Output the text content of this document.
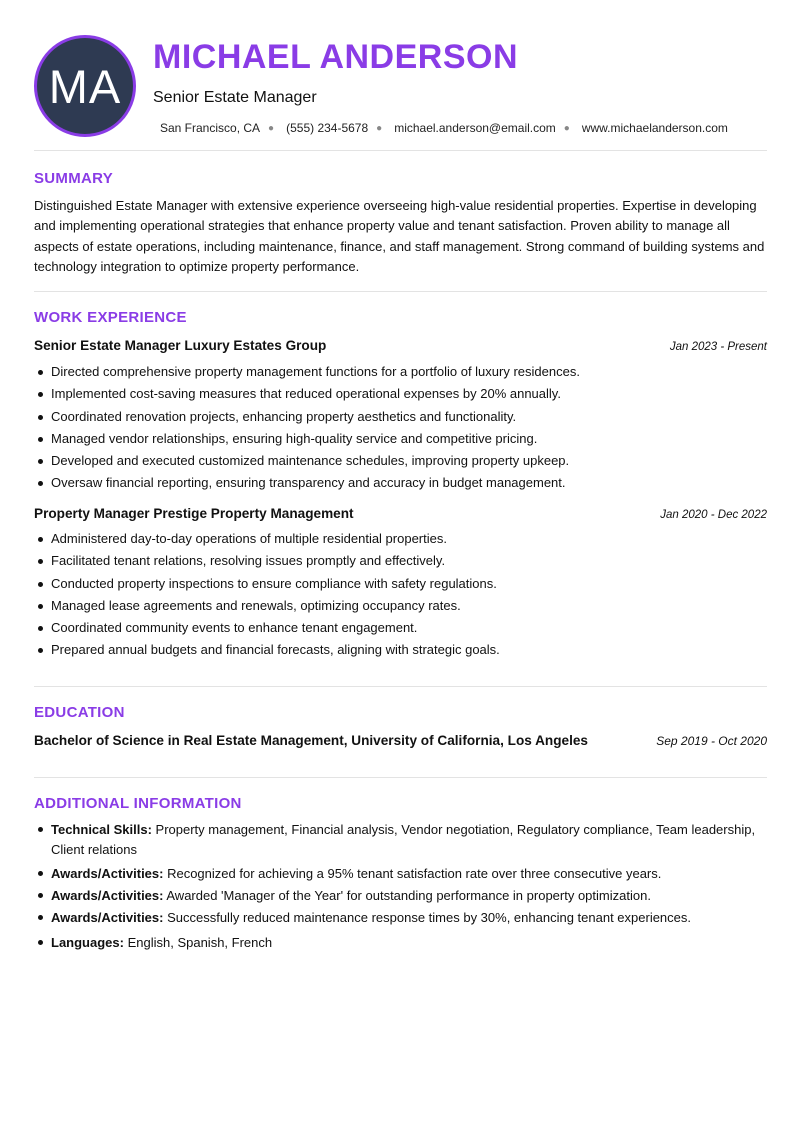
MA
MICHAEL ANDERSON
Senior Estate Manager
San Francisco, CA ● (555) 234-5678 ● michael.anderson@email.com ● www.michaelanderson.com
SUMMARY
Distinguished Estate Manager with extensive experience overseeing high-value residential properties. Expertise in developing and implementing operational strategies that enhance property value and tenant satisfaction. Proven ability to manage all aspects of estate operations, including maintenance, finance, and staff management. Strong command of building systems and technology integration to optimize property performance.
WORK EXPERIENCE
Senior Estate Manager Luxury Estates Group	Jan 2023 - Present
Directed comprehensive property management functions for a portfolio of luxury residences.
Implemented cost-saving measures that reduced operational expenses by 20% annually.
Coordinated renovation projects, enhancing property aesthetics and functionality.
Managed vendor relationships, ensuring high-quality service and competitive pricing.
Developed and executed customized maintenance schedules, improving property upkeep.
Oversaw financial reporting, ensuring transparency and accuracy in budget management.
Property Manager Prestige Property Management	Jan 2020 - Dec 2022
Administered day-to-day operations of multiple residential properties.
Facilitated tenant relations, resolving issues promptly and effectively.
Conducted property inspections to ensure compliance with safety regulations.
Managed lease agreements and renewals, optimizing occupancy rates.
Coordinated community events to enhance tenant engagement.
Prepared annual budgets and financial forecasts, aligning with strategic goals.
EDUCATION
Bachelor of Science in Real Estate Management, University of California, Los Angeles	Sep 2019 - Oct 2020
ADDITIONAL INFORMATION
Technical Skills: Property management, Financial analysis, Vendor negotiation, Regulatory compliance, Team leadership, Client relations
Awards/Activities: Recognized for achieving a 95% tenant satisfaction rate over three consecutive years.
Awards/Activities: Awarded 'Manager of the Year' for outstanding performance in property optimization.
Awards/Activities: Successfully reduced maintenance response times by 30%, enhancing tenant experiences.
Languages: English, Spanish, French
